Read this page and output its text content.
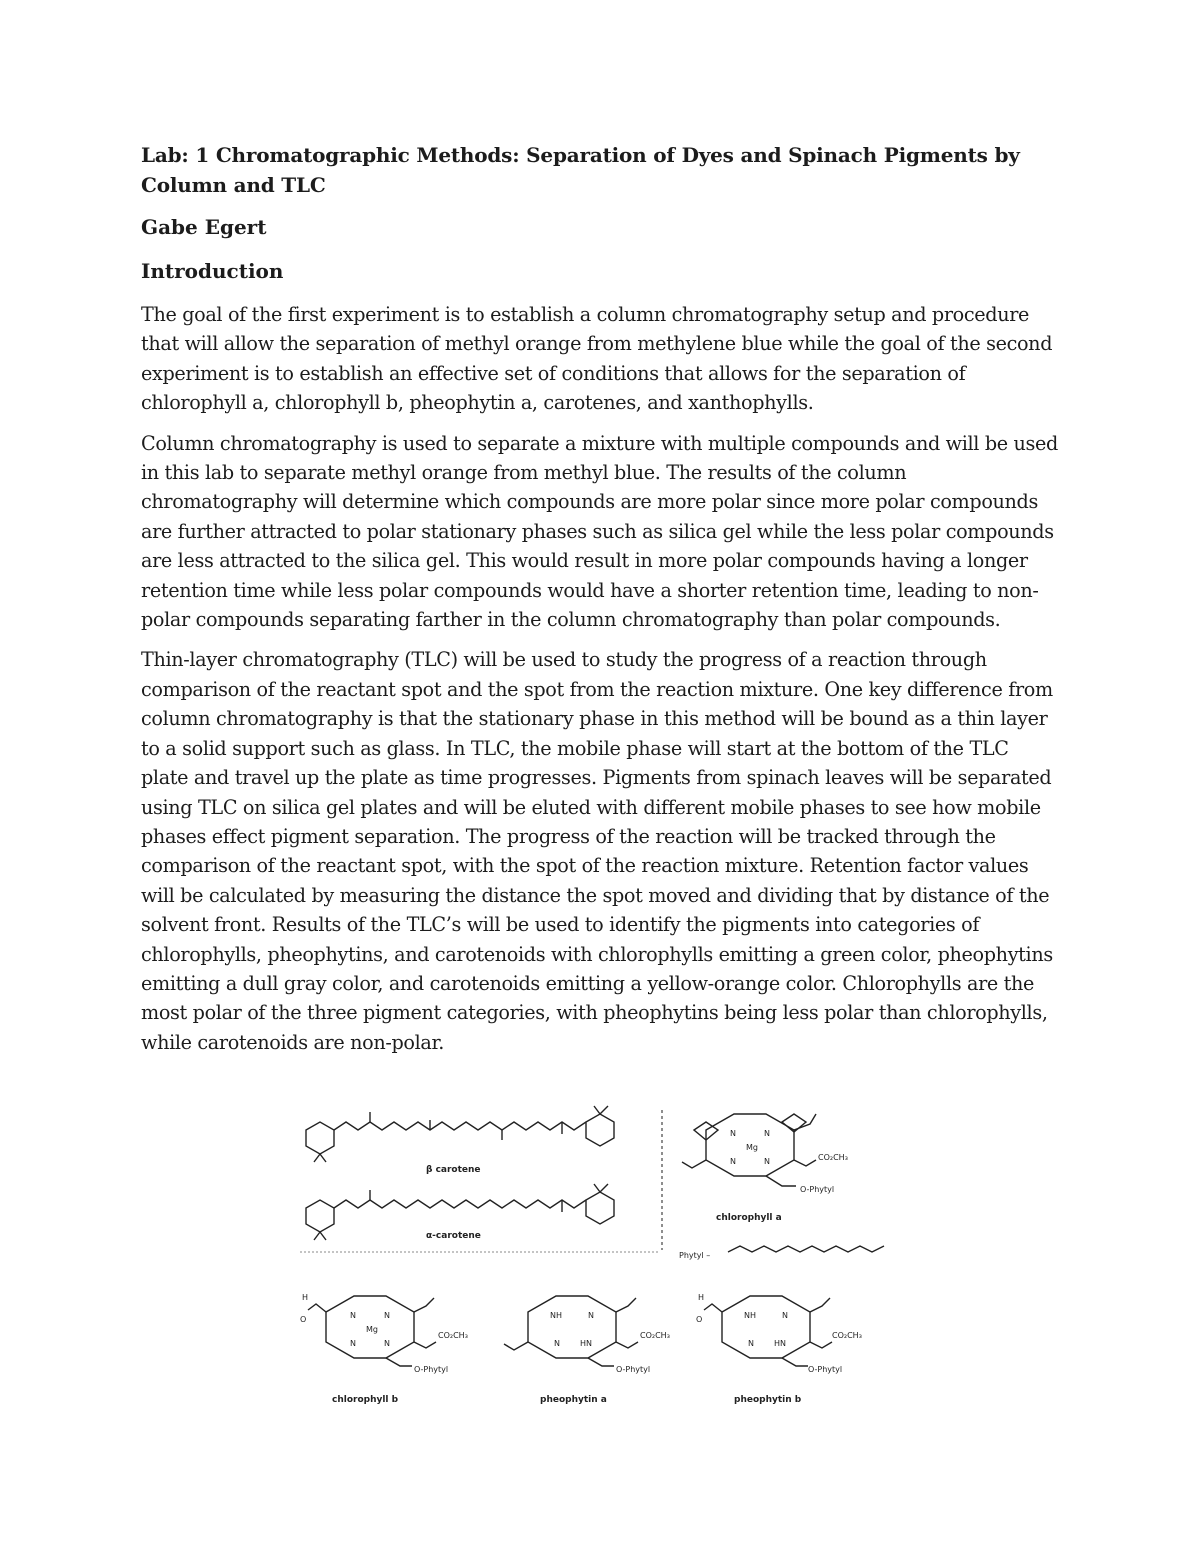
Lab: 1 Chromatographic Methods: Separation of Dyes and Spinach Pigments by Column and TLC
Gabe Egert
Introduction

The goal of the first experiment is to establish a column chromatography setup and procedure that will allow the separation of methyl orange from methylene blue while the goal of the second experiment is to establish an effective set of conditions that allows for the separation of chlorophyll a, chlorophyll b, pheophytin a, carotenes, and xanthophylls.

Column chromatography is used to separate a mixture with multiple compounds and will be used in this lab to separate methyl orange from methyl blue. The results of the column chromatography will determine which compounds are more polar since more polar compounds are further attracted to polar stationary phases such as silica gel while the less polar compounds are less attracted to the silica gel. This would result in more polar compounds having a longer retention time while less polar compounds would have a shorter retention time, leading to non-polar compounds separating farther in the column chromatography than polar compounds.

Thin-layer chromatography (TLC) will be used to study the progress of a reaction through comparison of the reactant spot and the spot from the reaction mixture. One key difference from column chromatography is that the stationary phase in this method will be bound as a thin layer to a solid support such as glass. In TLC, the mobile phase will start at the bottom of the TLC plate and travel up the plate as time progresses. Pigments from spinach leaves will be separated using TLC on silica gel plates and will be eluted with different mobile phases to see how mobile phases effect pigment separation. The progress of the reaction will be tracked through the comparison of the reactant spot, with the spot of the reaction mixture. Retention factor values will be calculated by measuring the distance the spot moved and dividing that by distance of the solvent front. Results of the TLC’s will be used to identify the pigments into categories of chlorophylls, pheophytins, and carotenoids with chlorophylls emitting a green color, pheophytins emitting a dull gray color, and carotenoids emitting a yellow-orange color. Chlorophylls are the most polar of the three pigment categories, with pheophytins being less polar than chlorophylls, while carotenoids are non-polar.

β carotene
α-carotene
N	N
Mg
N	N	CO₂CH₃
O-Phytyl
chlorophyll a
Phytyl –
H
O	N	N
Mg
N	N
CO₂CH₃
O-Phytyl
chlorophyll b
NH	N
N	HN
CO₂CH₃
O-Phytyl
pheophytin a
H
O	NH	N
N	HN
CO₂CH₃
O-Phytyl
pheophytin b
